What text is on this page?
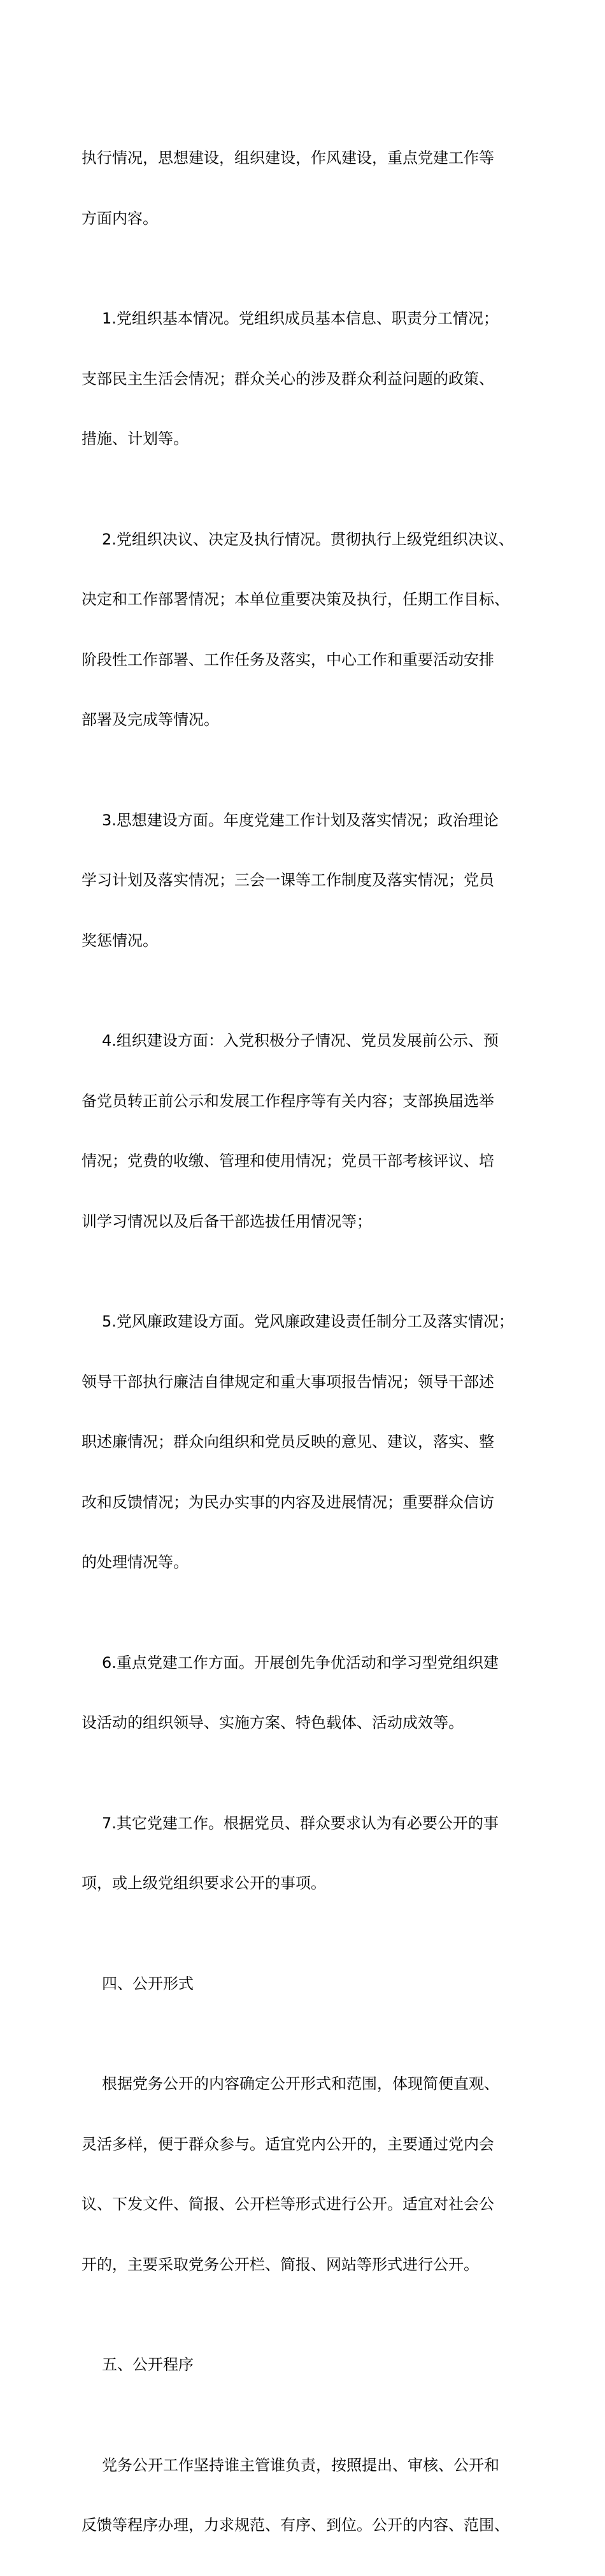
执行情况，思想建设，组织建设，作风建设，重点党建工作等

方面内容。

1.党组织基本情况。党组织成员基本信息、职责分工情况；

支部民主生活会情况；群众关心的涉及群众利益问题的政策、

措施、计划等。

2.党组织决议、决定及执行情况。贯彻执行上级党组织决议、

决定和工作部署情况；本单位重要决策及执行，任期工作目标、

阶段性工作部署、工作任务及落实，中心工作和重要活动安排

部署及完成等情况。

3.思想建设方面。年度党建工作计划及落实情况；政治理论

学习计划及落实情况；三会一课等工作制度及落实情况；党员

奖惩情况。

4.组织建设方面：入党积极分子情况、党员发展前公示、预

备党员转正前公示和发展工作程序等有关内容；支部换届选举

情况；党费的收缴、管理和使用情况；党员干部考核评议、培

训学习情况以及后备干部选拔任用情况等；

5.党风廉政建设方面。党风廉政建设责任制分工及落实情况；

领导干部执行廉洁自律规定和重大事项报告情况；领导干部述

职述廉情况；群众向组织和党员反映的意见、建议，落实、整

改和反馈情况；为民办实事的内容及进展情况；重要群众信访

的处理情况等。

6.重点党建工作方面。开展创先争优活动和学习型党组织建

设活动的组织领导、实施方案、特色载体、活动成效等。

7.其它党建工作。根据党员、群众要求认为有必要公开的事

项，或上级党组织要求公开的事项。

四、公开形式

根据党务公开的内容确定公开形式和范围，体现简便直观、

灵活多样，便于群众参与。适宜党内公开的，主要通过党内会

议、下发文件、简报、公开栏等形式进行公开。适宜对社会公

开的，主要采取党务公开栏、简报、网站等形式进行公开。

五、公开程序

党务公开工作坚持谁主管谁负责，按照提出、审核、公开和

反馈等程序办理，力求规范、有序、到位。公开的内容、范围、
